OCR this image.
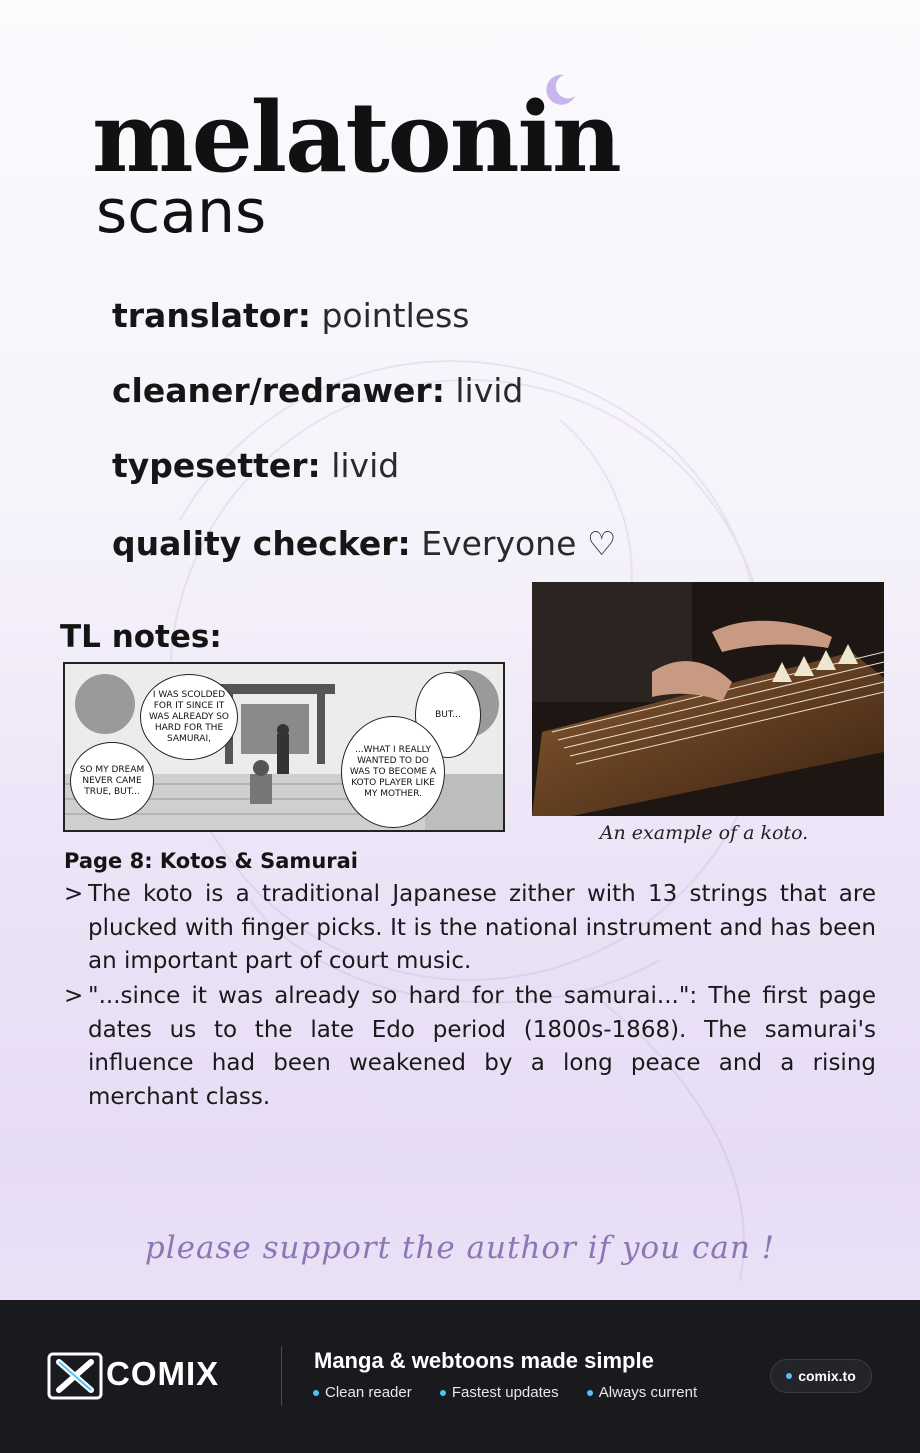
melatonin
scans
translator: pointless
cleaner/redrawer: livid
typesetter: livid
quality checker: Everyone ♡
TL notes:
I WAS SCOLDED FOR IT SINCE IT WAS ALREADY SO HARD FOR THE SAMURAI,
SO MY DREAM NEVER CAME TRUE, BUT...
BUT...
...WHAT I REALLY WANTED TO DO WAS TO BECOME A KOTO PLAYER LIKE MY MOTHER.
An example of a koto.
Page 8: Kotos & Samurai
> The koto is a traditional Japanese zither with 13 strings that are plucked with finger picks. It is the national instrument and has been an important part of court music.
> "...since it was already so hard for the samurai...": The first page dates us to the late Edo period (1800s-1868). The samurai's influence had been weakened by a long peace and a rising merchant class.
please support the author if you can !
COMIX	Manga & webtoons made simple
Clean reader	Fastest updates	Always current
comix.to
